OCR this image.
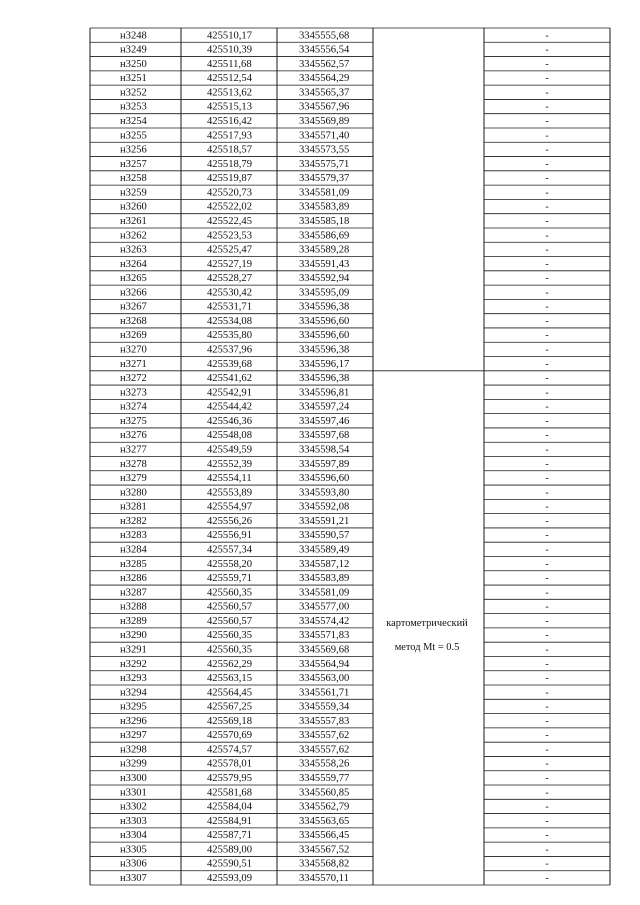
н3248	425510,17	3345555,68	-
н3249	425510,39	3345556,54	-
н3250	425511,68	3345562,57	-
н3251	425512,54	3345564,29	-
н3252	425513,62	3345565,37	-
н3253	425515,13	3345567,96	-
н3254	425516,42	3345569,89	-
н3255	425517,93	3345571,40	-
н3256	425518,57	3345573,55	-
н3257	425518,79	3345575,71	-
н3258	425519,87	3345579,37	-
н3259	425520,73	3345581,09	-
н3260	425522,02	3345583,89	-
н3261	425522,45	3345585,18	-
н3262	425523,53	3345586,69	-
н3263	425525,47	3345589,28	-
н3264	425527,19	3345591,43	-
н3265	425528,27	3345592,94	-
н3266	425530,42	3345595,09	-
н3267	425531,71	3345596,38	-
н3268	425534,08	3345596,60	-
н3269	425535,80	3345596,60	-
н3270	425537,96	3345596,38	-
н3271	425539,68	3345596,17	-
н3272	425541,62	3345596,38	-
н3273	425542,91	3345596,81	-
н3274	425544,42	3345597,24	-
н3275	425546,36	3345597,46	-
н3276	425548,08	3345597,68	-
н3277	425549,59	3345598,54	-
н3278	425552,39	3345597,89	-
н3279	425554,11	3345596,60	-
н3280	425553,89	3345593,80	-
н3281	425554,97	3345592,08	-
н3282	425556,26	3345591,21	-
н3283	425556,91	3345590,57	-
н3284	425557,34	3345589,49	-
н3285	425558,20	3345587,12	-
н3286	425559,71	3345583,89	-
н3287	425560,35	3345581,09	-
н3288	425560,57	3345577,00	-
н3289	425560,57	3345574,42	-
н3290	425560,35	3345571,83	-
н3291	425560,35	3345569,68	-
н3292	425562,29	3345564,94	-
н3293	425563,15	3345563,00	-
н3294	425564,45	3345561,71	-
н3295	425567,25	3345559,34	-
н3296	425569,18	3345557,83	-
н3297	425570,69	3345557,62	-
н3298	425574,57	3345557,62	-
н3299	425578,01	3345558,26	-
н3300	425579,95	3345559,77	-
н3301	425581,68	3345560,85	-
н3302	425584,04	3345562,79	-
н3303	425584,91	3345563,65	-
н3304	425587,71	3345566,45	-
н3305	425589,00	3345567,52	-
н3306	425590,51	3345568,82	-
н3307	425593,09	3345570,11	-
картометрический
метод Mt = 0.5
